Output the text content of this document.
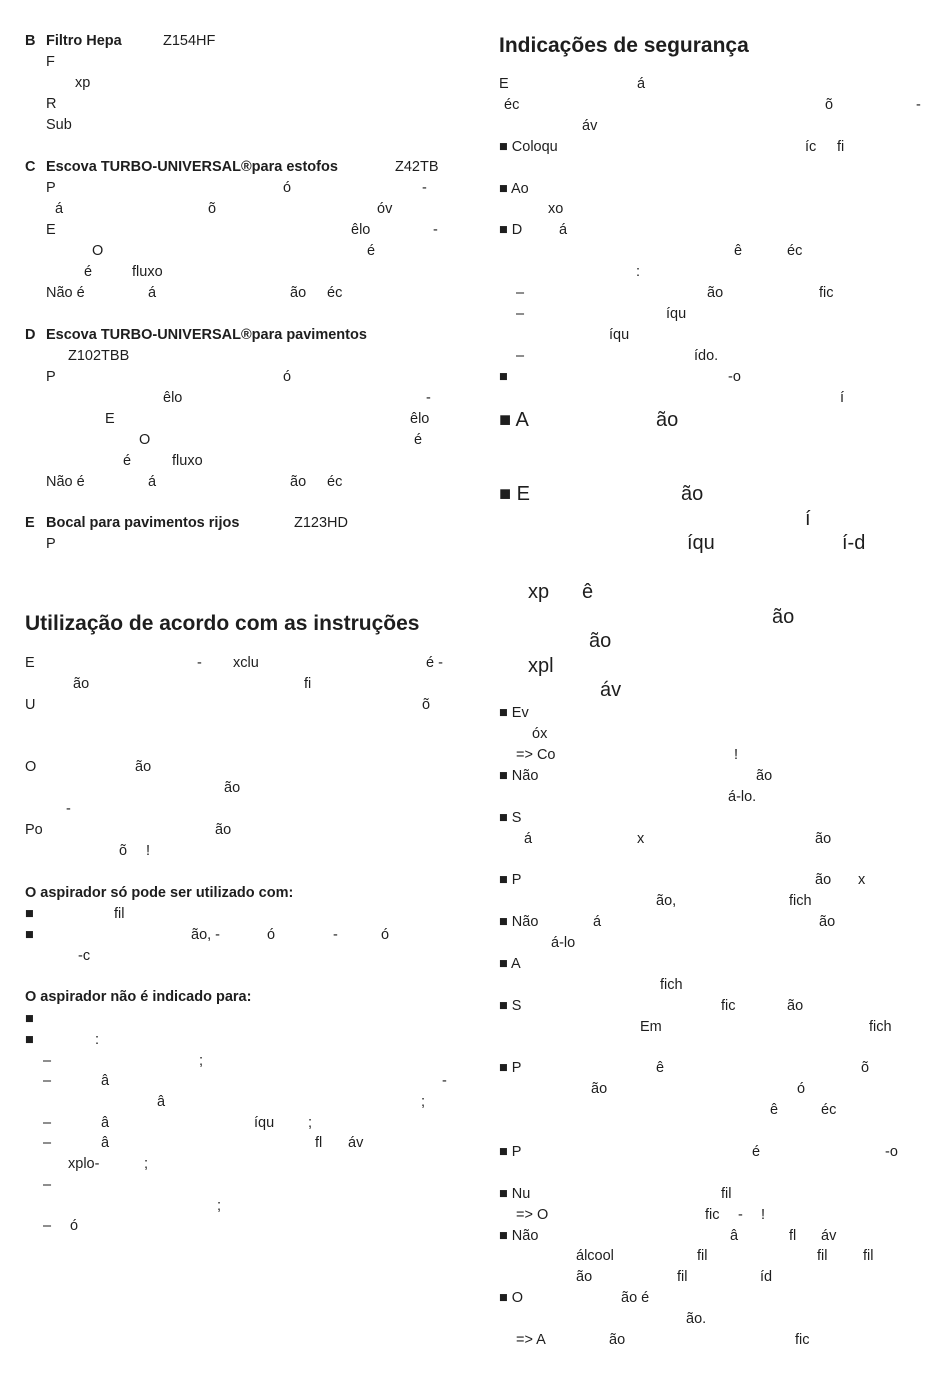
B Filtro Hepa	Z154HF
F
xp
R
Sub
C Escova TURBO-UNIVERSAL®para estofos	Z42TB
P	ó	-
á	õ	óv
E	êlo	-
O	é
é	fluxo
Não é	á	ão éc
D Escova TURBO-UNIVERSAL®para pavimentos
Z102TBB
P	ó
êlo	-
E	êlo
O	é
é	fluxo
Não é	á	ão éc
E Bocal para pavimentos rijos	Z123HD
P
Utilização de acordo com as instruções
E	- xclu	é -
ão	fi
U	õ
O	ão
ão
-
Po	ão
õ !
O aspirador só pode ser utilizado com:
■	fil
■	ão, -	ó	-	ó
-c
O aspirador não é indicado para:
■
■	:
–	;
–	â	-
â	;
–	â	íqu ;
–	â	fl áv
xplo-	;
–
;
– ó
Indicações de segurança
E	á
éc	õ	-
áv
■ Coloqu	íc fi
■ Ao
xo
■ D	á
ê	éc
:
–	ão	fic
–	íqu
íqu
–	ído.
■	-o
í
■ A	ão
■ E	ão
í
íqu	í-d
xp ê
ão
ão
xpl
áv
■ Ev
óx
=> Co	!
■ Não	ão
á-lo.
■ S
á	x	ão
■ P	ão x
ão,	fich
■ Não	á	ão
á-lo
■ A
fich
■ S	fic	ão
Em	fich
■ P	ê	õ
ão	ó
ê	éc
■ P	é	-o
■ Nu	fil
=> O	fic - !
■ Não	â	fl áv
álcool	fil	fil fil
ão	fil	íd
■ O	ão é
ão.
=> A	ão	fic
